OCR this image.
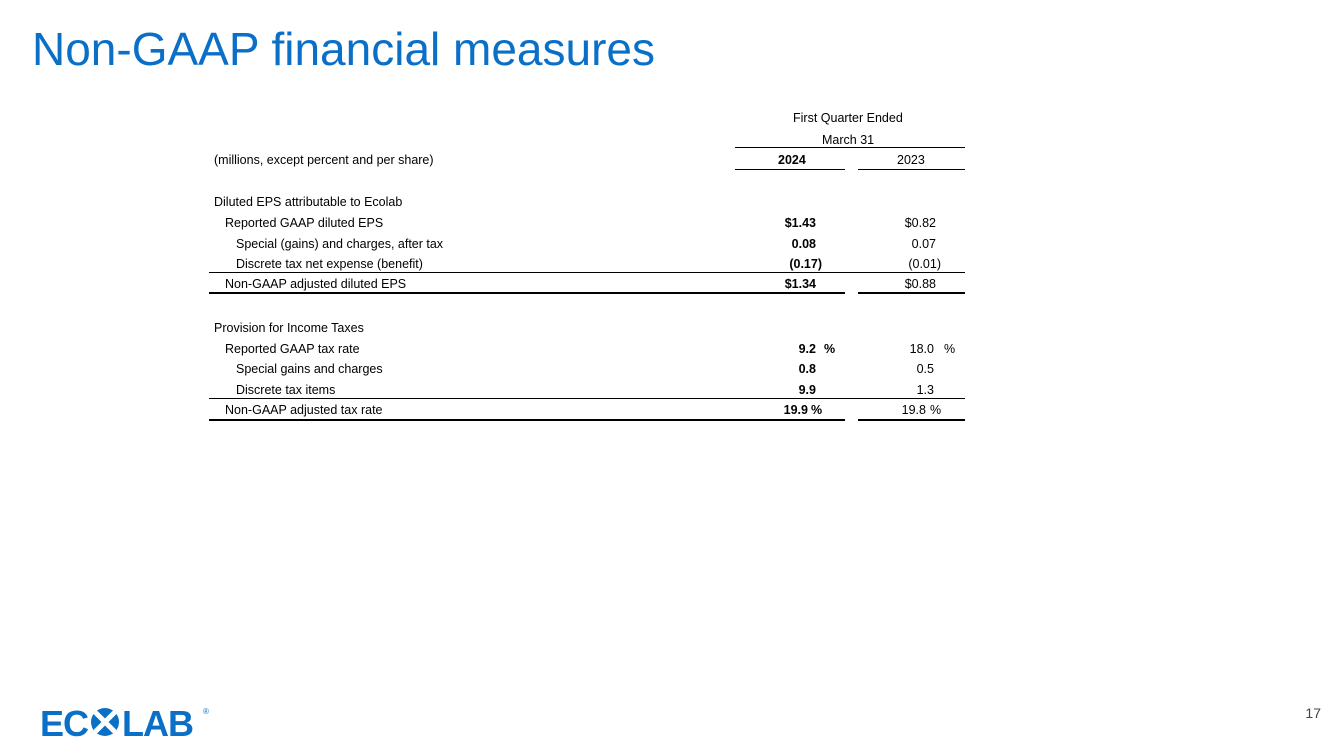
Non-GAAP financial measures
First Quarter Ended
March 31
(millions, except percent and per share)	2024	2023
Diluted EPS attributable to Ecolab
Reported GAAP diluted EPS	$1.43	$0.82
Special (gains) and charges, after tax	0.08	0.07
Discrete tax net expense (benefit)	(0.17)	(0.01)
Non-GAAP adjusted diluted EPS	$1.34	$0.88
Provision for Income Taxes
Reported GAAP tax rate	9.2 %	18.0 %
Special gains and charges	0.8	0.5
Discrete tax items	9.9	1.3
Non-GAAP adjusted tax rate	19.9 %	19.8 %
EC LAB ®	17
